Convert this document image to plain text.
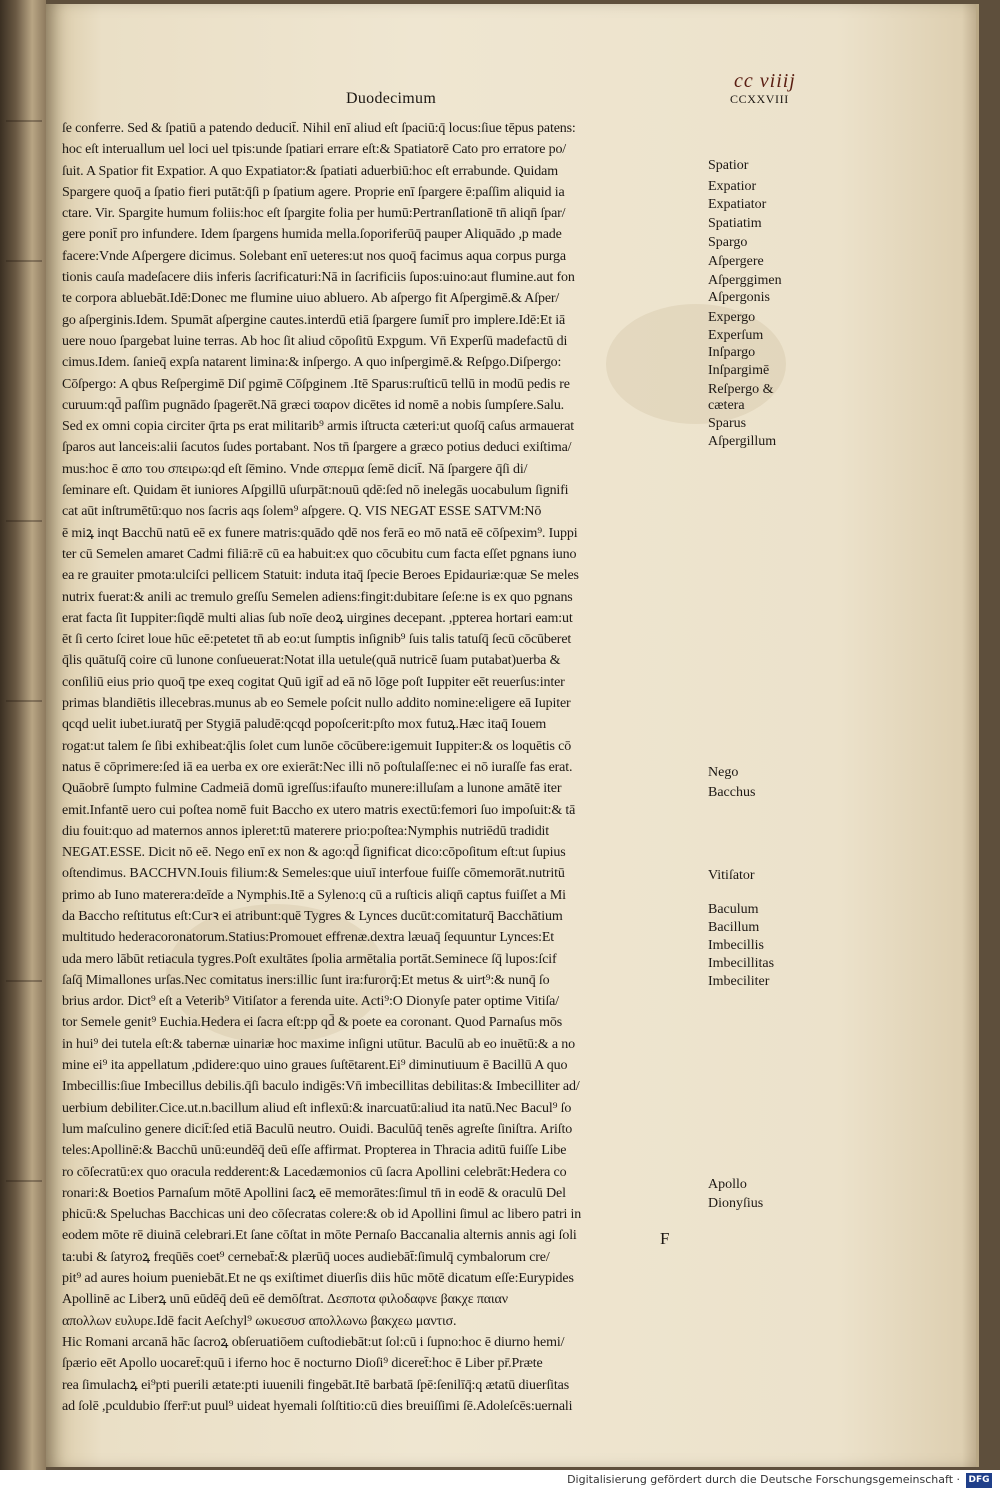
Duodecimum
cc viiij
CCXXVIII
ſe conferre. Sed & ſpatiū a patendo deducit̄. Nihil enī aliud eſt ſpaciū:q̄ locus:ſiue tēpus patens:
hoc eſt interuallum uel loci uel tpis:unde ſpatiari errare eſt:& Spatiatorē Cato pro erratore po/
ſuit. A Spatior fit Expatior. A quo Expatiator:& ſpatiati aduerbiū:hoc eſt errabunde. Quidam
Spargere quoq̄ a ſpatio fieri putāt:q̄ſi p ſpatium agere. Proprie enī ſpargere ē:paſſim aliquid ia
ctare. Vir. Spargite humum foliis:hoc eſt ſpargite folia per humū:Pertranſlationē tn̄ aliqn̄ ſpar/
gere ponit̄ pro infundere. Idem ſpargens humida mella.ſoporiferūq̄ pauper Aliquādo ,p made
facere:Vnde Aſpergere dicimus. Solebant enī ueteres:ut nos quoq̄ facimus aqua corpus purga
tionis cauſa madeſacere diis inferis ſacrificaturi:Nā in ſacrificiis ſupos:uino:aut flumine.aut fon
te corpora abluebāt.Idē:Donec me flumine uiuo abluero. Ab aſpergo fit Aſpergimē.& Aſper/
go aſperginis.Idem. Spumāt aſpergine cautes.interdū etiā ſpargere ſumit̄ pro implere.Idē:Et iā
uere nouo ſpargebat luine terras. Ab hoc ſit aliud cōpoſitū Expgum. Vn̄ Experſū madefactū di
cimus.Idem. ſanieq̄ expſa natarent limina:& inſpergo. A quo inſpergimē.& Reſpgo.Diſpergo:
Cōſpergo: A qbus Reſpergimē Diſ pgimē Cōſpginem .Itē Sparus:ruſticū tellū in modū pedis re
curuum:qd̄ paſſim pugnādo ſpagerēt.Nā græci ϖαρον dicētes id nomē a nobis ſumpſere.Salu.
Sed ex omni copia circiter q̄rta ps erat militarib⁹ armis iſtructa cæteri:ut quoſq̄ caſus armauerat
ſparos aut lanceis:alii ſacutos ſudes portabant. Nos tn̄ ſpargere a græco potius deduci exiſtima/
mus:hoc ē απο του σπειρω:qd eſt ſēmino. Vnde σπερμα ſemē dicit̄. Nā ſpargere q̄ſi di/
ſeminare eſt. Quidam ēt iuniores Aſpgillū uſurpāt:nouū qdē:ſed nō inelegās uocabulum ſignifi
cat aūt inſtrumētū:quo nos ſacris aqs ſolem⁹ aſpgere. Q. VIS NEGAT ESSE SATVM:Nō
ē miꝝ inqt Bacchū natū eē ex funere matris:quādo qdē nos ferā eo mō natā eē cōſpexim⁹. Iuppi
ter cū Semelen amaret Cadmi filiā:rē cū ea habuit:ex quo cōcubitu cum facta eſſet pgnans iuno
ea re grauiter pmota:ulciſci pellicem Statuit: induta itaq̄ ſpecie Beroes Epidauriæ:quæ Se meles
nutrix fuerat:& anili ac tremulo greſſu Semelen adiens:fingit:dubitare ſeſe:ne is ex quo pgnans
erat facta ſit Iuppiter:ſiqdē multi alias ſub noīe deoꝝ uirgines decepant. ,ppterea hortari eam:ut
ēt ſi certo ſciret loue hūc eē:petetet tn̄ ab eo:ut ſumptis inſignib⁹ ſuis talis tatuſq̄ ſecū cōcūberet
q̄lis quātuſq̄ coire cū lunone conſueuerat:Notat illa uetule(quā nutricē ſuam putabat)uerba &
conſiliū eius prio quoq̄ tpe exeq cogitat Quū igit̄ ad eā nō lōge poſt Iuppiter eēt reuerſus:inter
primas blandiētis illecebras.munus ab eo Semele poſcit nullo addito nomine:eligere eā Iupiter
qcqd uelit iubet.iuratq̄ per Stygiā paludē:qcqd popoſcerit:pſto mox futuꝝ.Hæc itaq̄ Iouem
rogat:ut talem ſe ſibi exhibeat:q̄lis ſolet cum lunōe cōcūbere:igemuit Iuppiter:& os loquētis cō
natus ē cōprimere:ſed iā ea uerba ex ore exierāt:Nec illi nō poſtulaſſe:nec ei nō iuraſſe fas erat.
Quāobrē ſumpto fulmine Cadmeiā domū igreſſus:ifauſto munere:illuſam a lunone amātē iter
emit.Infantē uero cui poſtea nomē fuit Baccho ex utero matris exectū:femori ſuo impoſuit:& tā
diu fouit:quo ad maternos annos ipleret:tū materere prio:poſtea:Nymphis nutriēdū tradidit
NEGAT.ESSE. Dicit nō eē. Nego enī ex non & ago:qd̄ ſignificat dico:cōpoſitum eſt:ut ſupius
oſtendimus. BACCHVN.Iouis filium:& Semeles:que uiuī interfoue fuiſſe cōmemorāt.nutritū
primo ab Iuno materera:deīde a Nymphis.Itē a Syleno:q cū a ruſticis aliqn̄ captus fuiſſet a Mi
da Baccho reſtitutus eſt:Curꝛ ei atribunt:quē Tygres & Lynces ducūt:comitaturq̄ Bacchātium
multitudo hederacoronatorum.Statius:Promouet effrenæ.dextra læuaq̄ ſequuntur Lynces:Et
uda mero lābūt retiacula tygres.Poſt exultātes ſpolia armētalia portāt.Seminece ſq̄ lupos:ſcif
ſaſq̄ Mimallones urſas.Nec comitatus iners:illic ſunt ira:furorq̄:Et metus & uirt⁹:& nunq̄ ſo
brius ardor. Dict⁹ eſt a Veterib⁹ Vitiſator a ferenda uite. Acti⁹:O Dionyſe pater optime Vitiſa/
tor Semele genit⁹ Euchia.Hedera ei ſacra eſt:pp qd̄ & poete ea coronant. Quod Parnaſus mōs
in hui⁹ dei tutela eſt:& tabernæ uinariæ hoc maxime inſigni utūtur. Baculū ab eo inuētū:& a no
mine ei⁹ ita appellatum ,pdidere:quo uino graues ſuſtētarent.Ei⁹ diminutiuum ē Bacillū A quo
Imbecillis:ſiue Imbecillus debilis.q̄ſi baculo indigēs:Vn̄ imbecillitas debilitas:& Imbecilliter ad/
uerbium debiliter.Cice.ut.n.bacillum aliud eſt inflexū:& inarcuatū:aliud ita natū.Nec Bacul⁹ ſo
lum maſculino genere dicit̄:ſed etiā Baculū neutro. Ouidi. Baculūq̄ tenēs agreſte ſiniſtra. Ariſto
teles:Apollinē:& Bacchū unū:eundēq̄ deū eſſe affirmat. Propterea in Thracia aditū fuiſſe Libe
ro cōſecratū:ex quo oracula redderent:& Lacedæmonios cū ſacra Apollini celebrāt:Hedera co
ronari:& Boetios Parnaſum mōtē Apollini ſacꝝ eē memorātes:ſimul tn̄ in eodē & oraculū Del
phicū:& Speluchas Bacchicas uni deo cōſecratas colere:& ob id Apollini ſimul ac libero patri in
eodem mōte rē diuinā celebrari.Et ſane cōſtat in mōte Pernaſo Baccanalia alternis annis agi ſoli
ta:ubi & ſatyroꝝ freqūēs coet⁹ cernebat̄:& plærūq̄ uoces audiebāt̄:ſimulq̄ cymbalorum cre/
pit⁹ ad aures hoium pueniebāt.Et ne qs exiſtimet diuerſis diis hūc mōtē dicatum eſſe:Eurypides
Apollinē ac Liberꝝ unū eūdēq̄ deū eē demōſtrat. Δεσποτα φιλοδαφνε βακχε παιαν
απολλων ευλυρε.Idē facit Aeſchyl⁹ ωκυεσυσ απολλωνω βακχεω μαντισ.
Hic Romani arcanā hāc ſacroꝝ obſeruatiōem cuſtodiebāt:ut ſol:cū i ſupno:hoc ē diurno hemi/
ſpærio eēt Apollo uocaret̄:quū i iferno hoc ē nocturno Dioſi⁹ diceret̄:hoc ē Liber pr̄.Præte
rea ſimulachꝝ ei⁹pti puerili ætate:pti iuuenili fingebāt.Itē barbatā ſpē:ſenilīq̄:q ætatū diuerſitas
ad ſolē ,pculdubio ſferr̄:ut puul⁹ uideat hyemali ſolſtitio:cū dies breuiſſimi ſē.Adoleſcēs:uernali
Spatior
Expatior
Expatiator
Spatiatim
Spargo
Aſpergere
Aſperggimen
Aſpergonis
Expergo
Experſum
Inſpargo
Inſpargimē
Reſpergo &
cætera
Sparus
Aſpergillum
Nego
Bacchus
Vitiſator
Baculum
Bacillum
Imbecillis
Imbecillitas
Imbeciliter
Apollo
Dionyſius
F
Digitalisierung gefördert durch die Deutsche Forschungsgemeinschaft · DFG
